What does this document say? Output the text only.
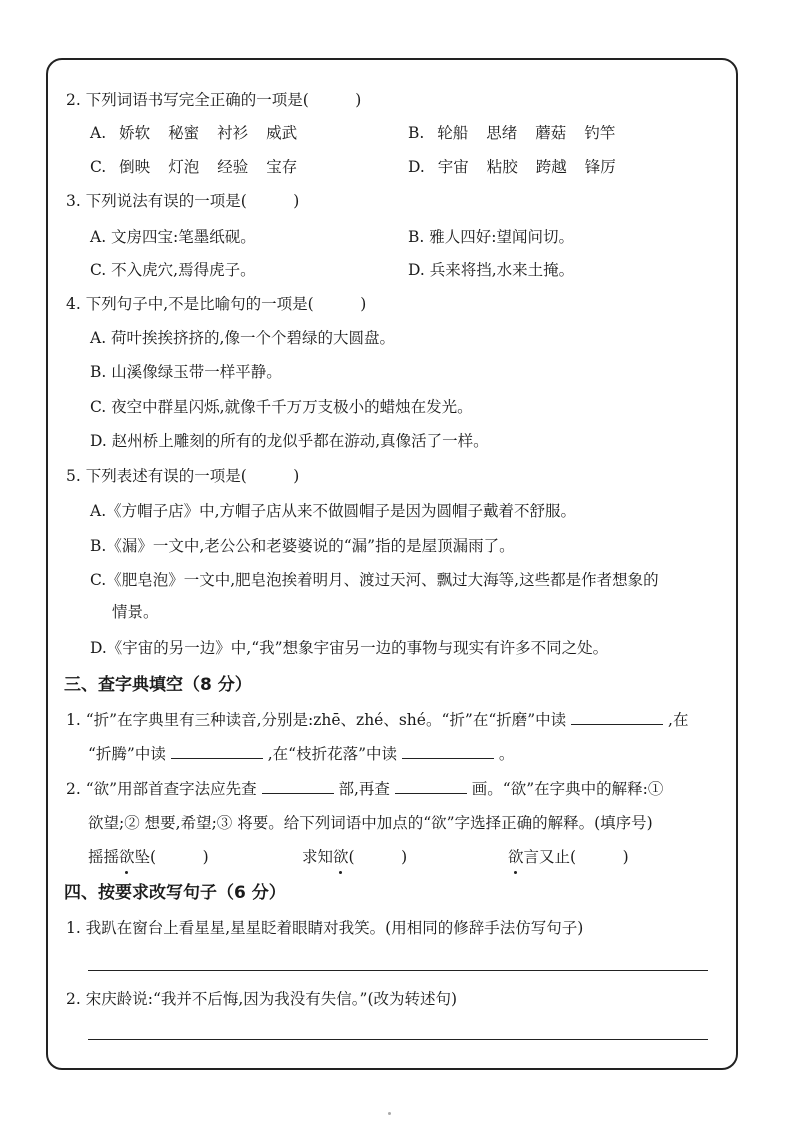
2. 下列词语书写完全正确的一项是(　　　)
A. 娇软 秘蜜 衬衫 威武	B. 轮船 思绪 蘑菇 钓竿
C. 倒映 灯泡 经验 宝存	D. 宇宙 粘胶 跨越 锋厉
3. 下列说法有误的一项是(　　　)
A. 文房四宝:笔墨纸砚。	B. 雅人四好:望闻问切。
C. 不入虎穴,焉得虎子。	D. 兵来将挡,水来土掩。
4. 下列句子中,不是比喻句的一项是(　　　)
A. 荷叶挨挨挤挤的,像一个个碧绿的大圆盘。
B. 山溪像绿玉带一样平静。
C. 夜空中群星闪烁,就像千千万万支极小的蜡烛在发光。
D. 赵州桥上雕刻的所有的龙似乎都在游动,真像活了一样。
5. 下列表述有误的一项是(　　　)
A.《方帽子店》中,方帽子店从来不做圆帽子是因为圆帽子戴着不舒服。
B.《漏》一文中,老公公和老婆婆说的“漏”指的是屋顶漏雨了。
C.《肥皂泡》一文中,肥皂泡挨着明月、渡过天河、飘过大海等,这些都是作者想象的
情景。
D.《宇宙的另一边》中,“我”想象宇宙另一边的事物与现实有许多不同之处。
三、查字典填空（8 分）
1. “折”在字典里有三种读音,分别是:zhē、zhé、shé。“折”在“折磨”中读	,在
“折腾”中读	,在“枝折花落”中读	。
2. “欲”用部首查字法应先查	部,再查	画。“欲”在字典中的解释:①
欲望;② 想要,希望;③ 将要。给下列词语中加点的“欲”字选择正确的解释。(填序号)
摇摇欲坠(　　　)	求知欲(　　　)	欲言又止(　　　)
四、按要求改写句子（6 分）
1. 我趴在窗台上看星星,星星眨着眼睛对我笑。(用相同的修辞手法仿写句子)
2. 宋庆龄说:“我并不后悔,因为我没有失信。”(改为转述句)
